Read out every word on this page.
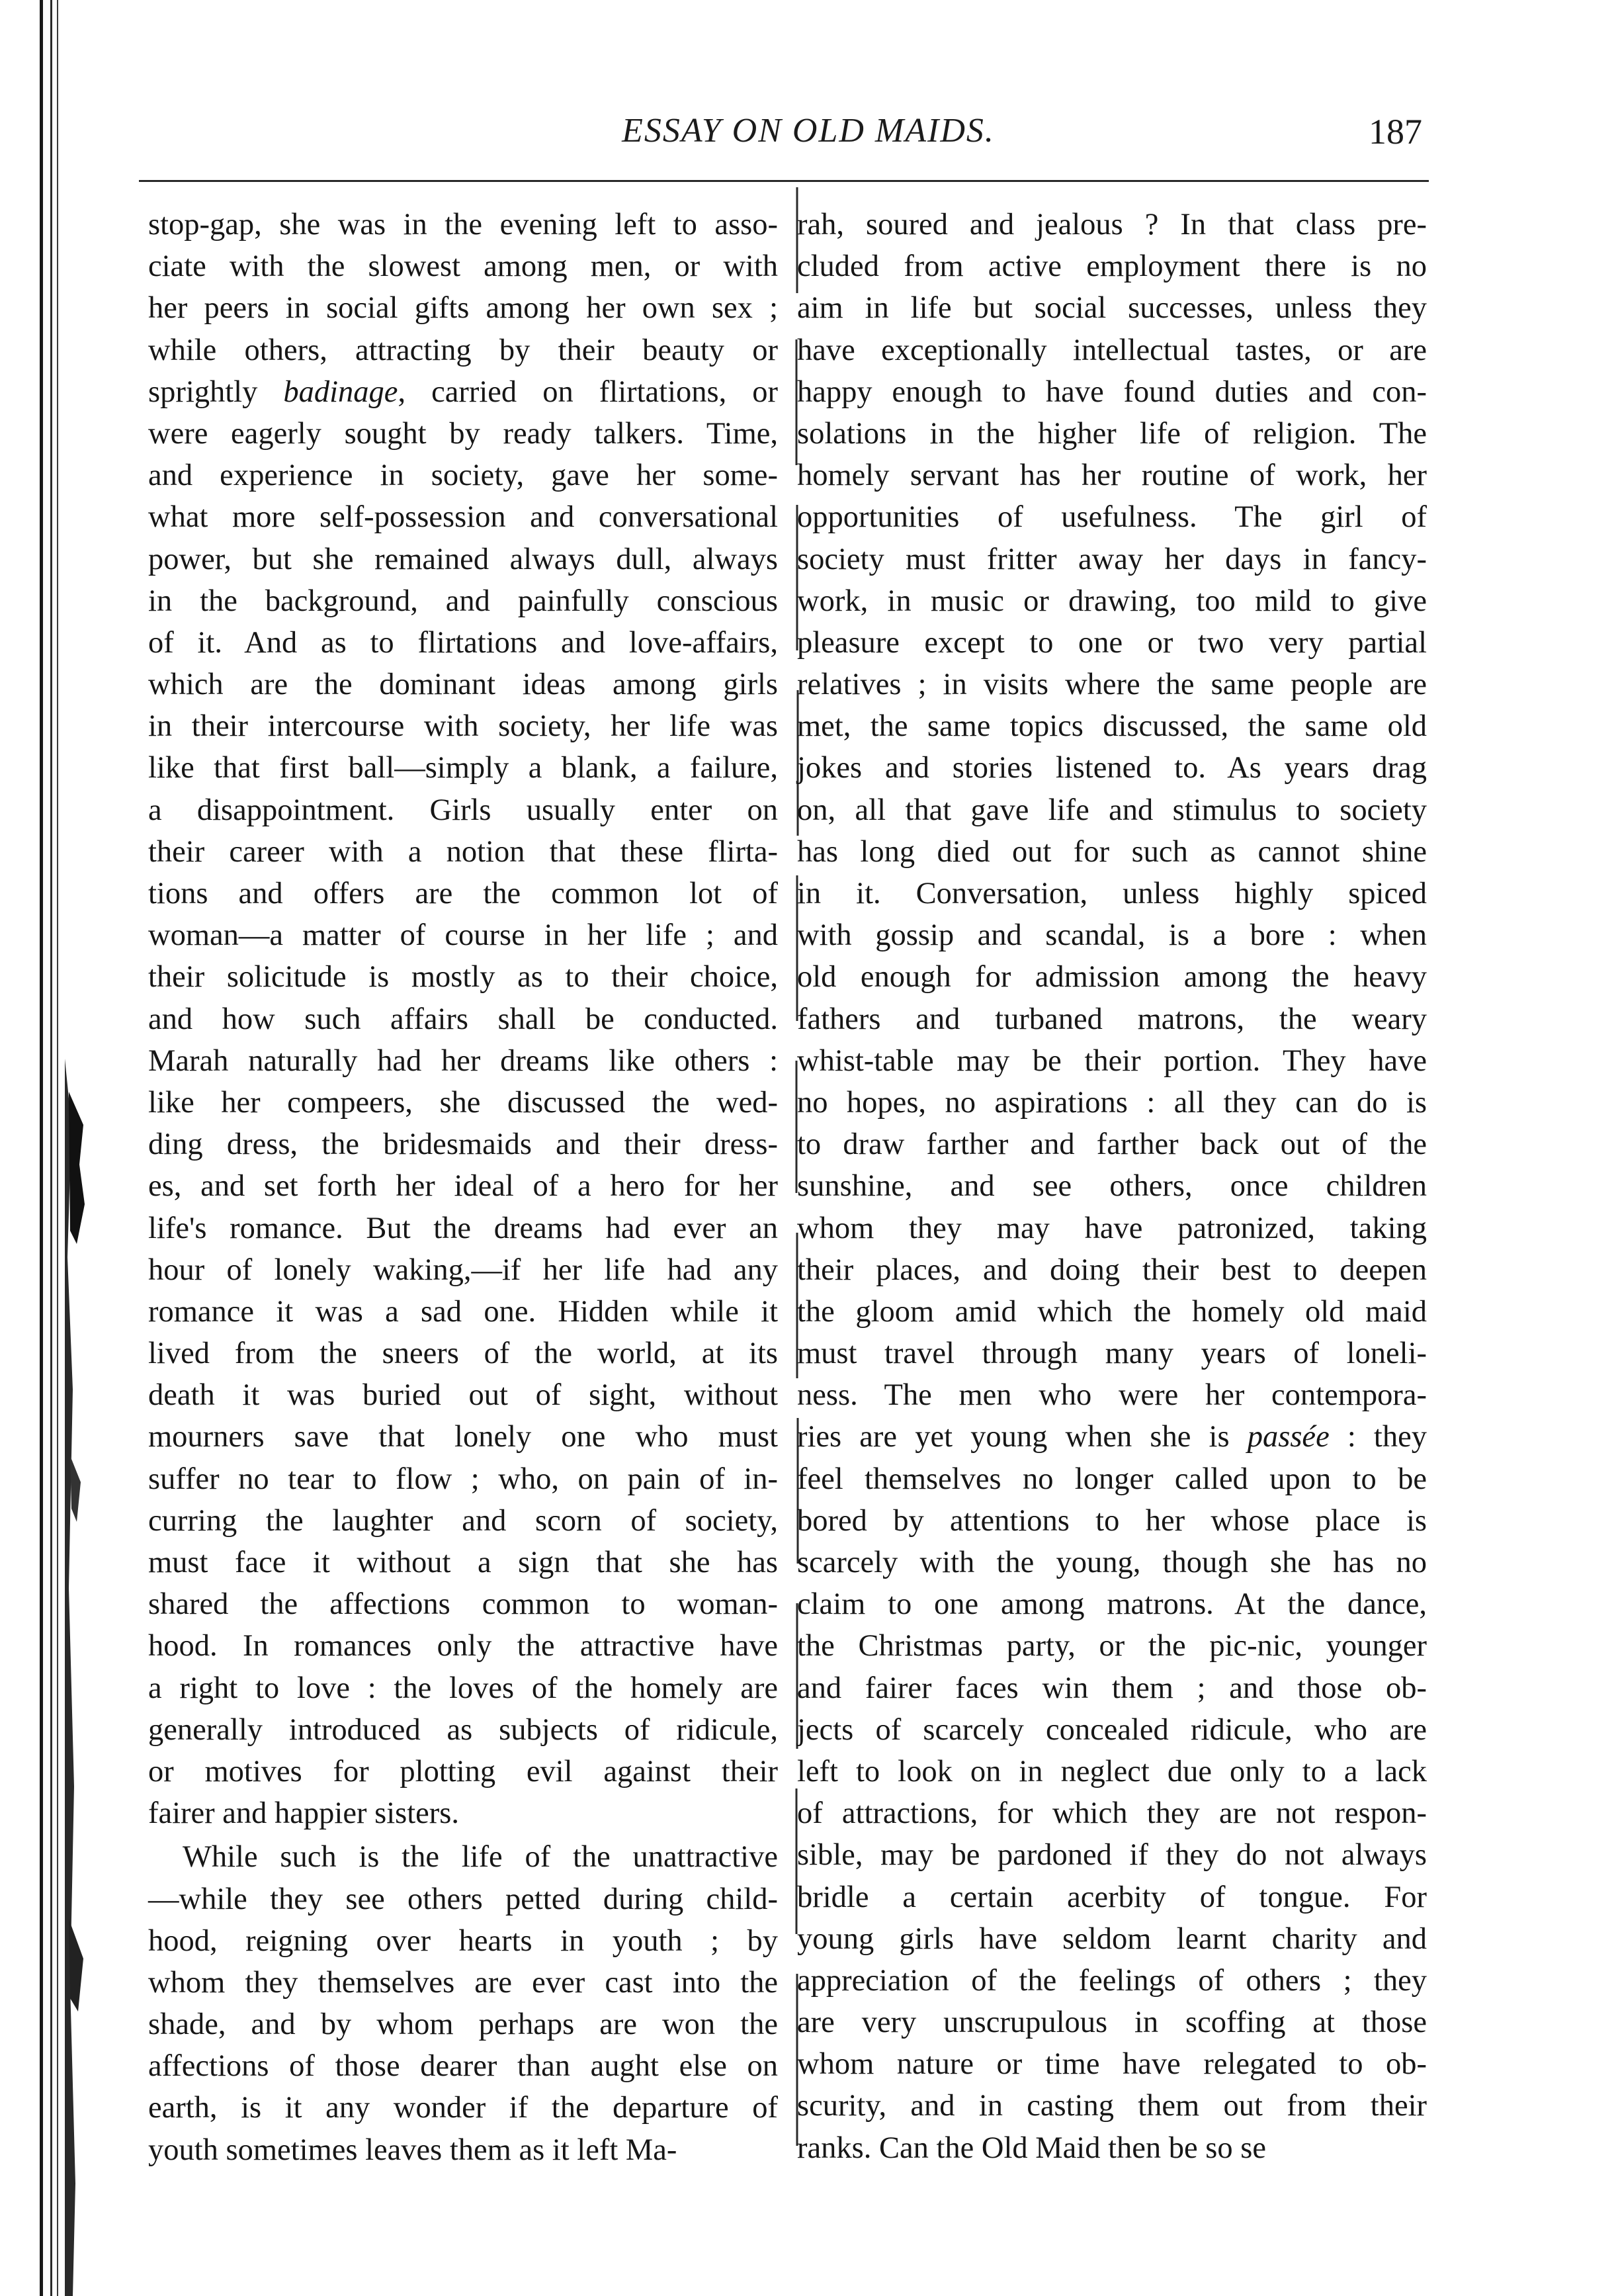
ESSAY ON OLD MAIDS.	187
stop-gap, she was in the evening left to asso-
ciate with the slowest among men, or with
her peers in social gifts among her own sex ;
while others, attracting by their beauty or
sprightly badinage, carried on flirtations, or
were eagerly sought by ready talkers. Time,
and experience in society, gave her some-
what more self-possession and conversational
power, but she remained always dull, always
in the background, and painfully conscious
of it. And as to flirtations and love-affairs,
which are the dominant ideas among girls
in their intercourse with society, her life was
like that first ball—simply a blank, a failure,
a disappointment. Girls usually enter on
their career with a notion that these flirta-
tions and offers are the common lot of
woman—a matter of course in her life ; and
their solicitude is mostly as to their choice,
and how such affairs shall be conducted.
Marah naturally had her dreams like others :
like her compeers, she discussed the wed-
ding dress, the bridesmaids and their dress-
es, and set forth her ideal of a hero for her
life's romance. But the dreams had ever an
hour of lonely waking,—if her life had any
romance it was a sad one. Hidden while it
lived from the sneers of the world, at its
death it was buried out of sight, without
mourners save that lonely one who must
suffer no tear to flow ; who, on pain of in-
curring the laughter and scorn of society,
must face it without a sign that she has
shared the affections common to woman-
hood. In romances only the attractive have
a right to love : the loves of the homely are
generally introduced as subjects of ridicule,
or motives for plotting evil against their
fairer and happier sisters.
While such is the life of the unattractive
—while they see others petted during child-
hood, reigning over hearts in youth ; by
whom they themselves are ever cast into the
shade, and by whom perhaps are won the
affections of those dearer than aught else on
earth, is it any wonder if the departure of
youth sometimes leaves them as it left Ma-
rah, soured and jealous ? In that class pre-
cluded from active employment there is no
aim in life but social successes, unless they
have exceptionally intellectual tastes, or are
happy enough to have found duties and con-
solations in the higher life of religion. The
homely servant has her routine of work, her
opportunities of usefulness. The girl of
society must fritter away her days in fancy-
work, in music or drawing, too mild to give
pleasure except to one or two very partial
relatives ; in visits where the same people are
met, the same topics discussed, the same old
jokes and stories listened to. As years drag
on, all that gave life and stimulus to society
has long died out for such as cannot shine
in it. Conversation, unless highly spiced
with gossip and scandal, is a bore : when
old enough for admission among the heavy
fathers and turbaned matrons, the weary
whist-table may be their portion. They have
no hopes, no aspirations : all they can do is
to draw farther and farther back out of the
sunshine, and see others, once children
whom they may have patronized, taking
their places, and doing their best to deepen
the gloom amid which the homely old maid
must travel through many years of loneli-
ness. The men who were her contempora-
ries are yet young when she is passée : they
feel themselves no longer called upon to be
bored by attentions to her whose place is
scarcely with the young, though she has no
claim to one among matrons. At the dance,
the Christmas party, or the pic-nic, younger
and fairer faces win them ; and those ob-
jects of scarcely concealed ridicule, who are
left to look on in neglect due only to a lack
of attractions, for which they are not respon-
sible, may be pardoned if they do not always
bridle a certain acerbity of tongue. For
young girls have seldom learnt charity and
appreciation of the feelings of others ; they
are very unscrupulous in scoffing at those
whom nature or time have relegated to ob-
scurity, and in casting them out from their
ranks. Can the Old Maid then be so se
